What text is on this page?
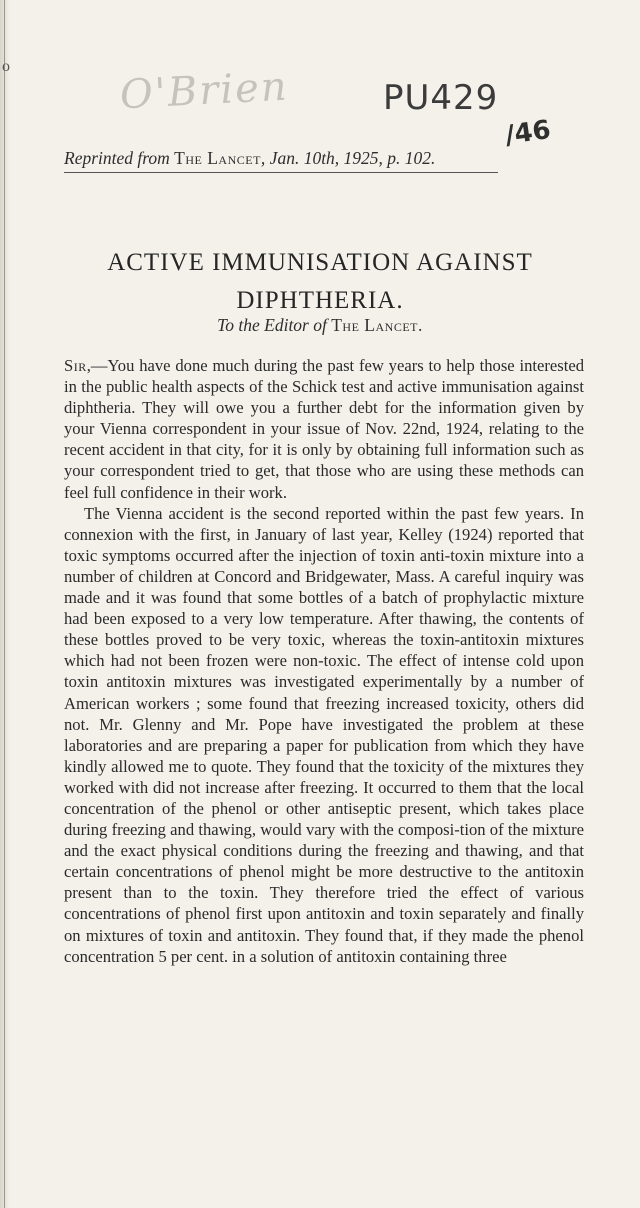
o	O'Brien	PU429
/46
Reprinted from The Lancet, Jan. 10th, 1925, p. 102.
ACTIVE IMMUNISATION AGAINST
DIPHTHERIA.
To the Editor of The Lancet.

Sir,—You have done much during the past few years to help those interested in the public health aspects of the Schick test and active immunisation against diphtheria. They will owe you a further debt for the information given by your Vienna correspondent in your issue of Nov. 22nd, 1924, relating to the recent accident in that city, for it is only by obtaining full information such as your correspondent tried to get, that those who are using these methods can feel full confidence in their work.

The Vienna accident is the second reported within the past few years. In connexion with the first, in January of last year, Kelley (1924) reported that toxic symptoms occurred after the injection of toxin anti-toxin mixture into a number of children at Concord and Bridgewater, Mass. A careful inquiry was made and it was found that some bottles of a batch of prophylactic mixture had been exposed to a very low temperature. After thawing, the contents of these bottles proved to be very toxic, whereas the toxin-antitoxin mixtures which had not been frozen were non-toxic. The effect of intense cold upon toxin antitoxin mixtures was investigated experimentally by a number of American workers ; some found that freezing increased toxicity, others did not. Mr. Glenny and Mr. Pope have investigated the problem at these laboratories and are preparing a paper for publication from which they have kindly allowed me to quote. They found that the toxicity of the mixtures they worked with did not increase after freezing. It occurred to them that the local concentration of the phenol or other antiseptic present, which takes place during freezing and thawing, would vary with the composi-tion of the mixture and the exact physical conditions during the freezing and thawing, and that certain concentrations of phenol might be more destructive to the antitoxin present than to the toxin. They therefore tried the effect of various concentrations of phenol first upon antitoxin and toxin separately and finally on mixtures of toxin and antitoxin. They found that, if they made the phenol concentration 5 per cent. in a solution of antitoxin containing three
